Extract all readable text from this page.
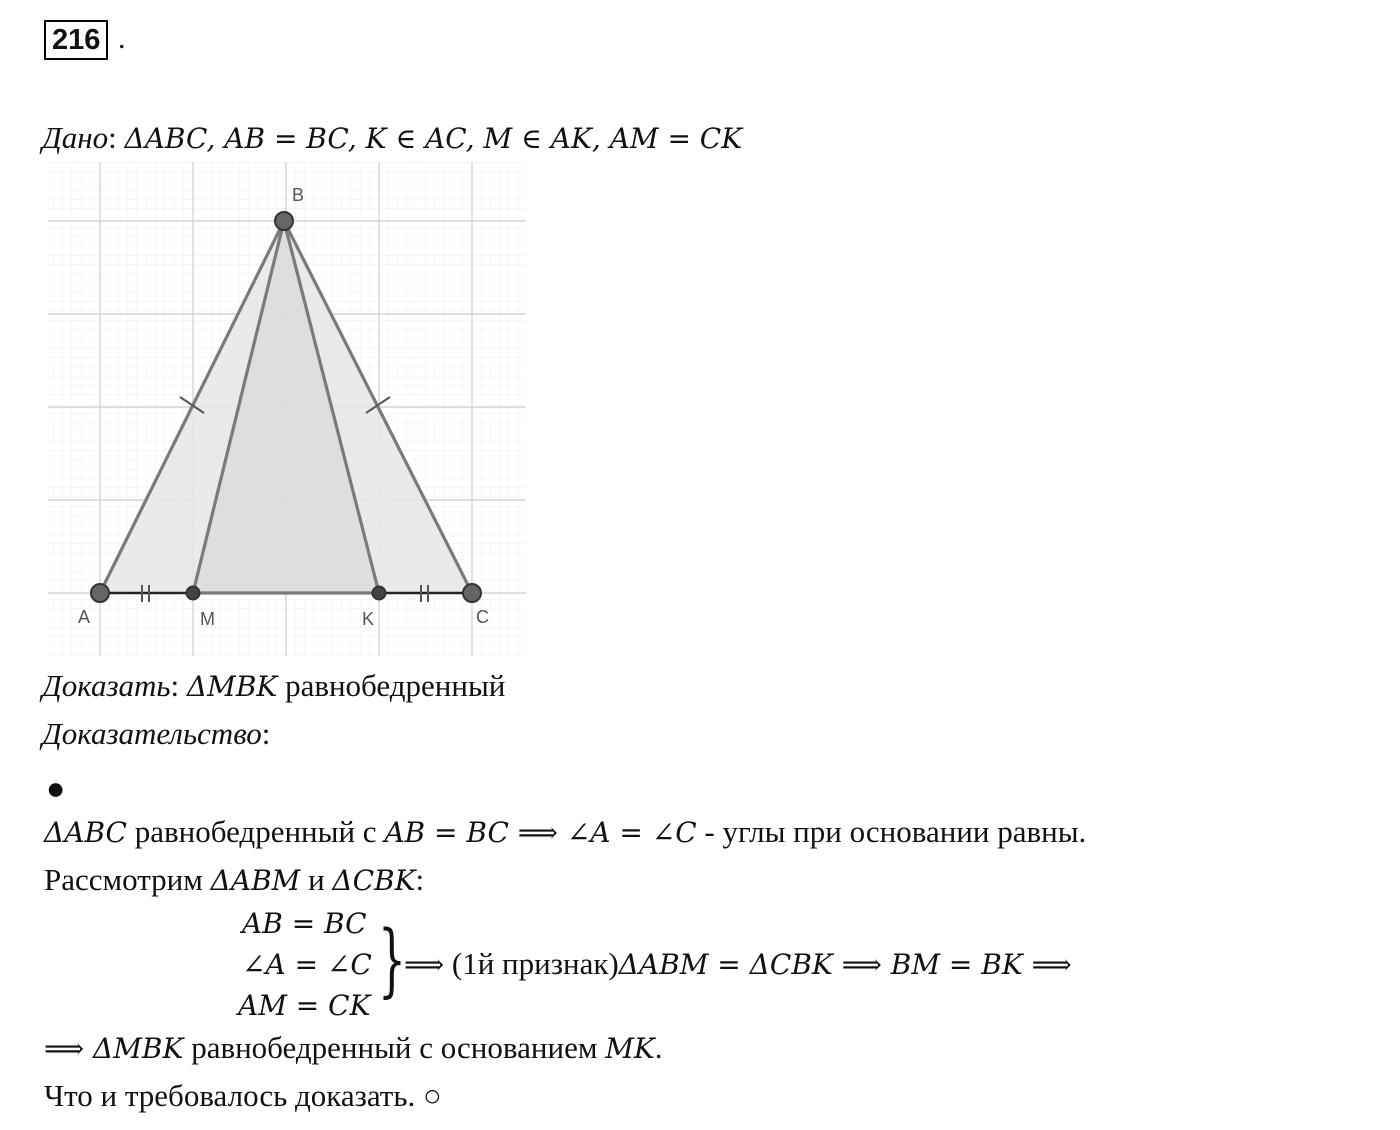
216 .
Дано: ΔABC, AB = BC, K ∈ AC, M ∈ AK, AM = CK
B
A	C
M	K
Доказать: ΔMBK равнобедренный
Доказательство:
●
ΔABC равнобедренный с AB = BC ⟹ ∠A = ∠C - углы при основании равны.
Рассмотрим ΔABM и ΔCBK:
AB = BC
∠A = ∠C
AM = CK }
⟹ (1й признак)ΔABM = ΔCBK ⟹ BM = BK ⟹
⟹ ΔMBK равнобедренный с основанием MK.
Что и требовалось доказать. ○
